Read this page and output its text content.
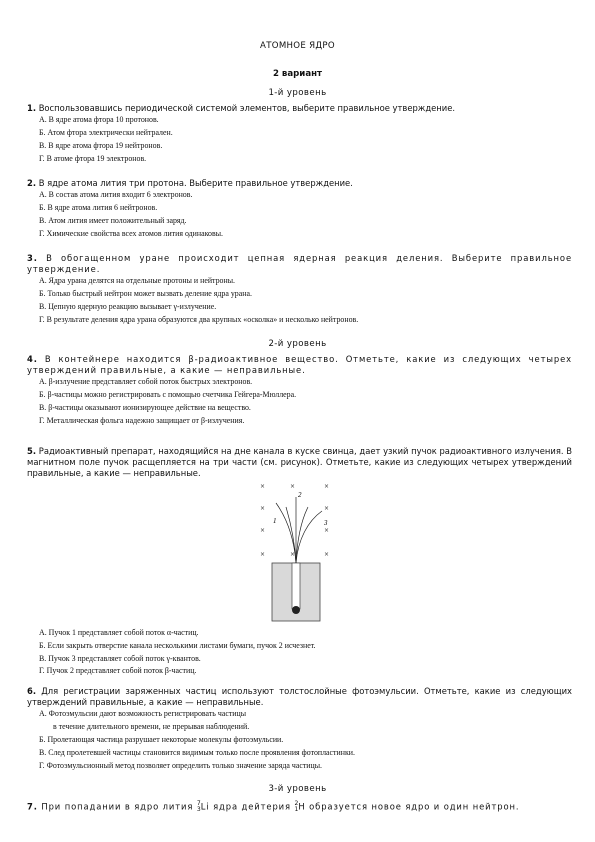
АТОМНОЕ ЯДРО
2 вариант
1-й уровень
1. Воспользовавшись периодической системой элементов, выберите правильное утверждение.
А. В ядре атома фтора 10 протонов.
Б. Атом фтора электрически нейтрален.
В. В ядре атома фтора 19 нейтронов.
Г. В атоме фтора 19 электронов.
2. В ядре атома лития три протона. Выберите правильное утверждение.
А. В состав атома лития входит 6 электронов.
Б. В ядре атома лития 6 нейтронов.
В. Атом лития имеет положительный заряд.
Г. Химические свойства всех атомов лития одинаковы.
3. В обогащенном уране происходит цепная ядерная реакция деления. Выберите правильное утверждение.
А. Ядра урана делятся на отдельные протоны и нейтроны.
Б. Только быстрый нейтрон может вызвать деление ядра урана.
В. Цепную ядерную реакцию вызывает γ-излучение.
Г. В результате деления ядра урана образуются два крупных «осколка» и несколько нейтронов.
2-й уровень
4. В контейнере находится β-радиоактивное вещество. Отметьте, какие из следующих четырех утверждений правильные, а какие — неправильные.
А. β-излучение представляет собой поток быстрых электронов.
Б. β-частицы можно регистрировать с помощью счетчика Гейгера-Мюллера.
В. β-частицы оказывают ионизирующее действие на вещество.
Г. Металлическая фольга надежно защищает от β-излучения.
5. Радиоактивный препарат, находящийся на дне канала в куске свинца, дает узкий пучок радиоактивного излучения. В магнитном поле пучок расщепляется на три части (см. рисунок). Отметьте, какие из следующих четырех утверждений правильные, а какие — неправильные.
×	×	×
×	×
×	×
×	×	×
1
2
3
А. Пучок 1 представляет собой поток α-частиц.
Б. Если закрыть отверстие канала несколькими листами бумаги, пучок 2 исчезнет.
В. Пучок 3 представляет собой поток γ-квантов.
Г. Пучок 2 представляет собой поток β-частиц.
6. Для регистрации заряженных частиц используют толстослойные фотоэмульсии. Отметьте, какие из следующих утверждений правильные, а какие — неправильные.
А. Фотоэмульсии дают возможность регистрировать частицы
в течение длительного времени, не прерывая наблюдений.
Б. Пролетающая частица разрушает некоторые молекулы фотоэмульсии.
В. След пролетевшей частицы становится видимым только после проявления фотопластинки.
Г. Фотоэмульсионный метод позволяет определить только значение заряда частицы.
3-й уровень
7. При попадании в ядро лития 7
3 Li ядра дейтерия 2
1 H образуется новое ядро и один нейтрон.
